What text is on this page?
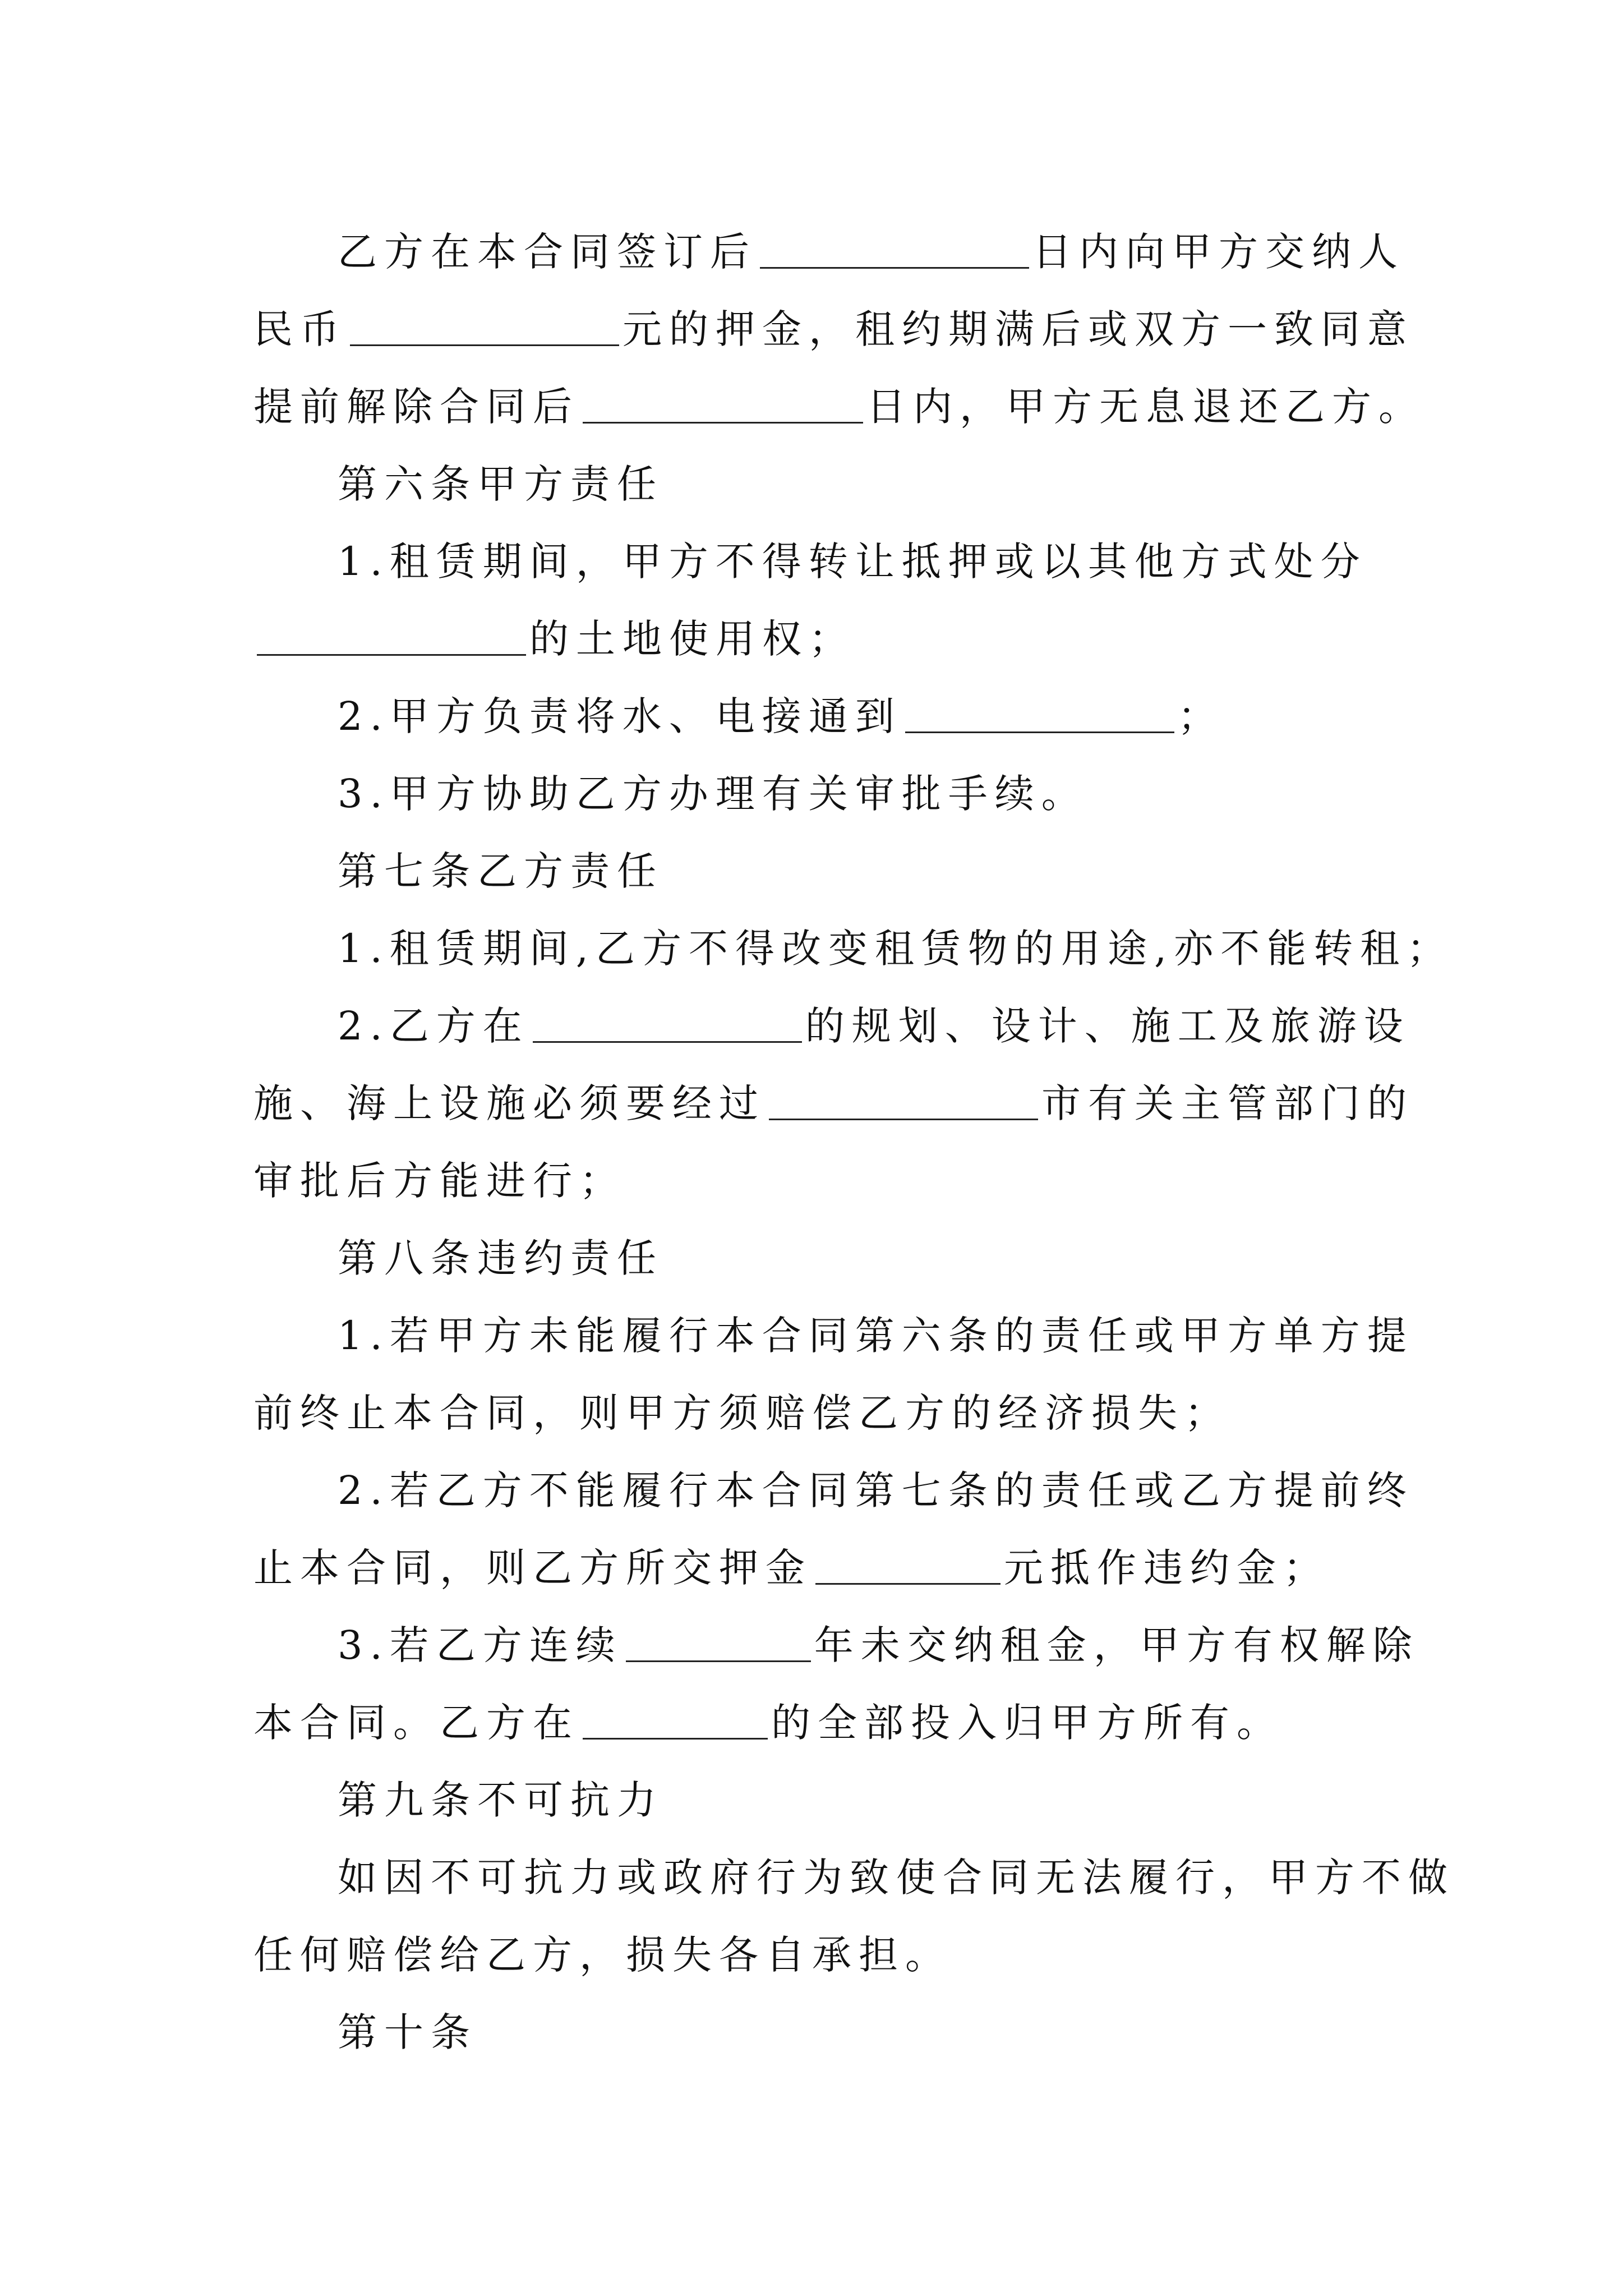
乙方在本合同签订后	日内向甲方交纳人
民币	元的押金，租约期满后或双方一致同意
提前解除合同后	日内，甲方无息退还乙方。
第六条甲方责任
1.租赁期间，甲方不得转让抵押或以其他方式处分
的土地使用权；
2.甲方负责将水、电接通到	；
3.甲方协助乙方办理有关审批手续。
第七条乙方责任
1.租赁期间,乙方不得改变租赁物的用途,亦不能转租；
2.乙方在	的规划、设计、施工及旅游设
施、海上设施必须要经过	市有关主管部门的
审批后方能进行；
第八条违约责任
1.若甲方未能履行本合同第六条的责任或甲方单方提
前终止本合同，则甲方须赔偿乙方的经济损失；
2.若乙方不能履行本合同第七条的责任或乙方提前终
止本合同，则乙方所交押金	元抵作违约金；
3.若乙方连续	年未交纳租金，甲方有权解除
本合同。乙方在	的全部投入归甲方所有。
第九条不可抗力
如因不可抗力或政府行为致使合同无法履行，甲方不做
任何赔偿给乙方，损失各自承担。
第十条
